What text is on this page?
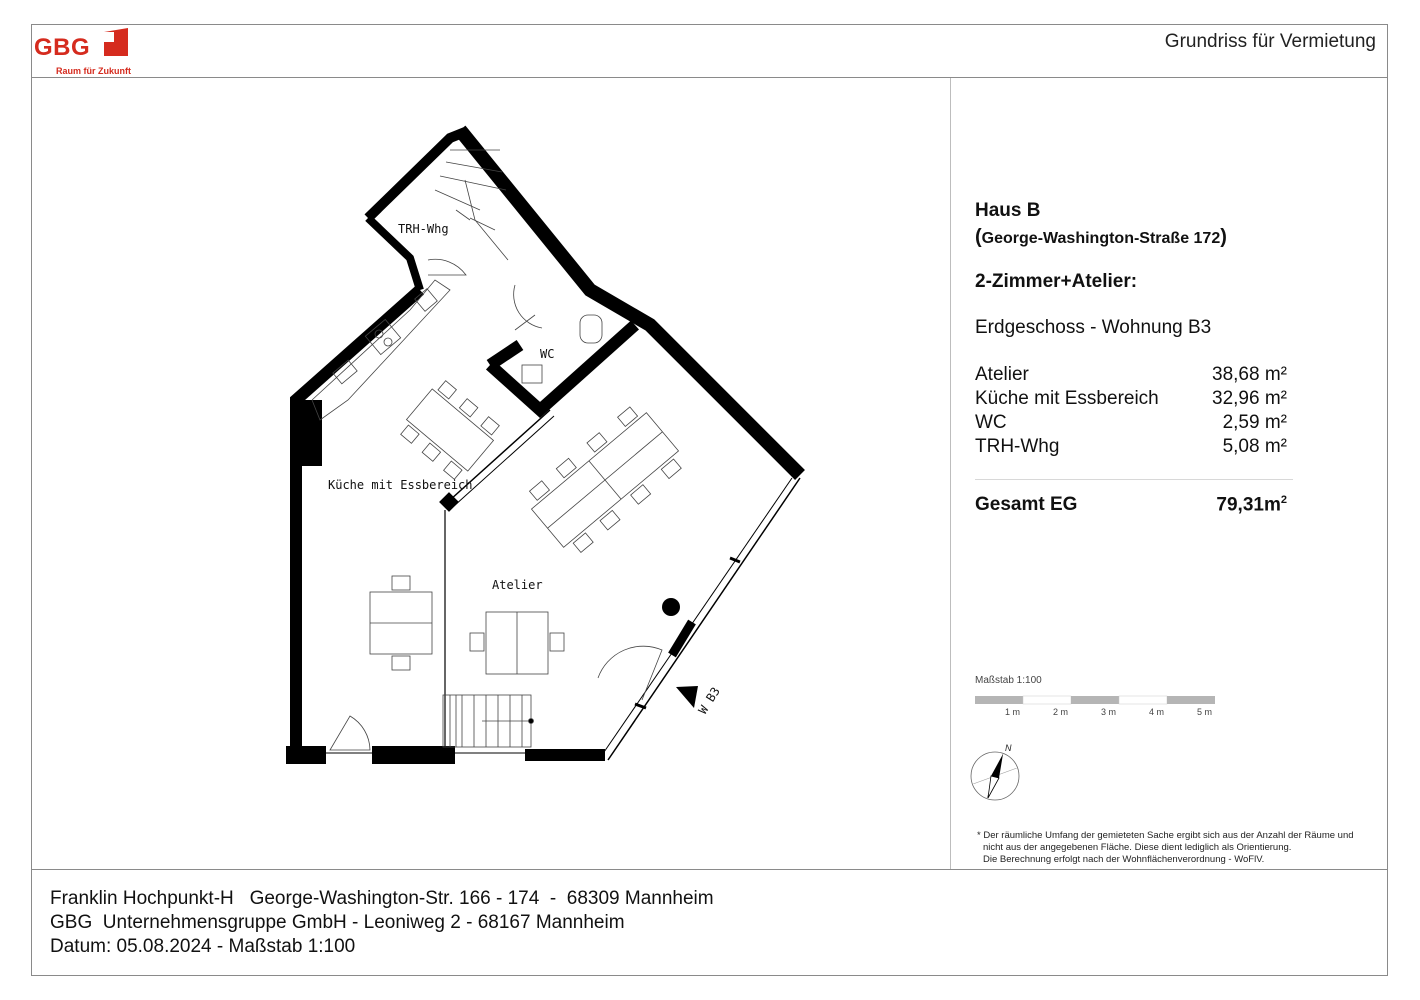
GBG
Raum für Zukunft
Grundriss für Vermietung
W B3
TRH-Whg
WC
Küche mit Essbereich
Atelier
Haus B
(George-Washington-Straße 172)
2-Zimmer+Atelier:
Erdgeschoss - Wohnung B3
Atelier	38,68 m²
Küche mit Essbereich	32,96 m²
WC	2,59 m²
TRH-Whg	5,08 m²
Gesamt EG	$79,31m^2$
Maßstab 1:100
1 m	2 m	3 m	4 m	5 m
N
* Der räumliche Umfang der gemieteten Sache ergibt sich aus der Anzahl der Räume und
nicht aus der angegebenen Fläche. Diese dient lediglich als Orientierung.
Die Berechnung erfolgt nach der Wohnflächenverordnung - WoFlV.
Franklin Hochpunkt-H   George-Washington-Str. 166 - 174  -  68309 Mannheim
GBG  Unternehmensgruppe GmbH - Leoniweg 2 - 68167 Mannheim
Datum: 05.08.2024 - Maßstab 1:100
